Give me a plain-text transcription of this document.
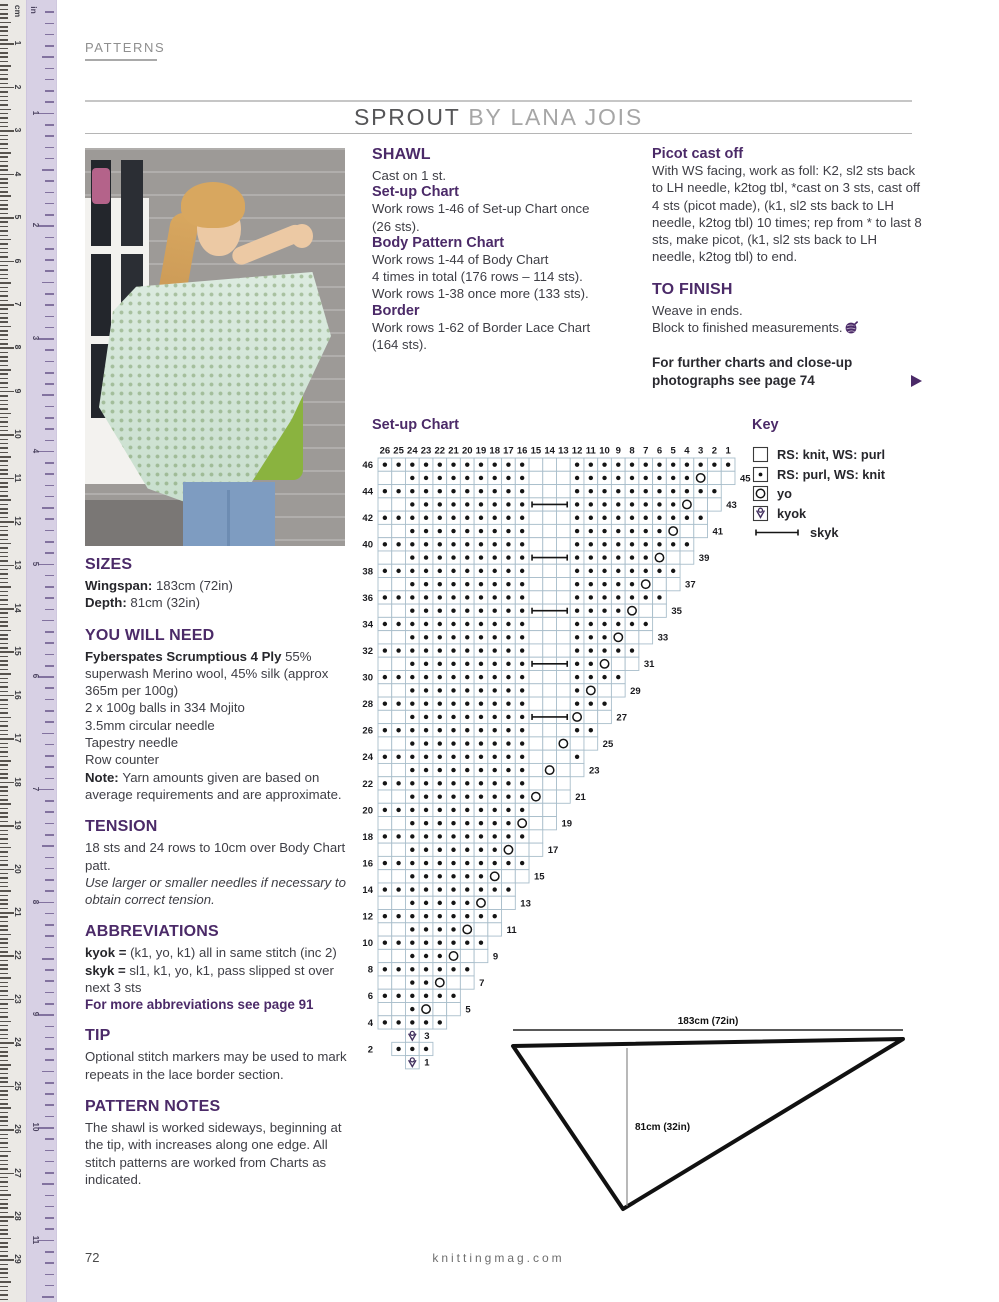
cm
1
2
3
4
5
6
7
8
9
10
11
12
13
14
15
16
17
18
19
20
21
22
23
24
25
26
27
28
29
in
1
2
3
4
5
6
7
8
9
10
11
PATTERNS
SPROUT BY LANA JOIS
SIZES
Wingspan: 183cm (72in)
Depth: 81cm (32in)
YOU WILL NEED
Fyberspates Scrumptious 4 Ply 55% superwash Merino wool, 45% silk (approx 365m per 100g)
2 x 100g balls in 334 Mojito
3.5mm circular needle
Tapestry needle
Row counter
Note: Yarn amounts given are based on average requirements and are approximate.
TENSION
18 sts and 24 rows to 10cm over Body Chart patt.
Use larger or smaller needles if necessary to obtain correct tension.
ABBREVIATIONS
kyok = (k1, yo, k1) all in same stitch (inc 2)
skyk = sl1, k1, yo, k1, pass slipped st over next 3 sts
For more abbreviations see page 91
TIP
Optional stitch markers may be used to mark repeats in the lace border section.
PATTERN NOTES
The shawl is worked sideways, beginning at the tip, with increases along one edge. All stitch patterns are worked from Charts as indicated.
SHAWL
Cast on 1 st.
Set-up Chart
Work rows 1-46 of Set-up Chart once
(26 sts).
Body Pattern Chart
Work rows 1-44 of Body Chart
4 times in total (176 rows – 114 sts).
Work rows 1-38 once more (133 sts).
Border
Work rows 1-62 of Border Lace Chart
(164 sts).
Picot cast off
With WS facing, work as foll: K2, sl2 sts back to LH needle, k2tog tbl, *cast on 3 sts, cast off 4 sts (picot made), (k1, sl2 sts back to LH needle, k2tog tbl) 10 times; rep from * to last 8 sts, make picot, (k1, sl2 sts back to LH needle, k2tog tbl) to end.
TO FINISH
Weave in ends.
Block to finished measurements.
For further charts and close-up
photographs see page 74
Set-up Chart
26 25 24 23 22 21 20 19 18 17 16 15 14 13 12 11 10 9 8 7 6 5 4 3 2 1
46
45
44
43
42
41
40
39
38
37
36
35
34
33
32
31
30
29
28
27
26
25
24
23
22
21
20
19
18
17
16
15
14
13
12
11
10
9
8
7
6
5
4
3
2
1
Key
RS: knit, WS: purl
RS: purl, WS: knit
yo
kyok
skyk
183cm (72in)
81cm (32in)
72	knittingmag.com
